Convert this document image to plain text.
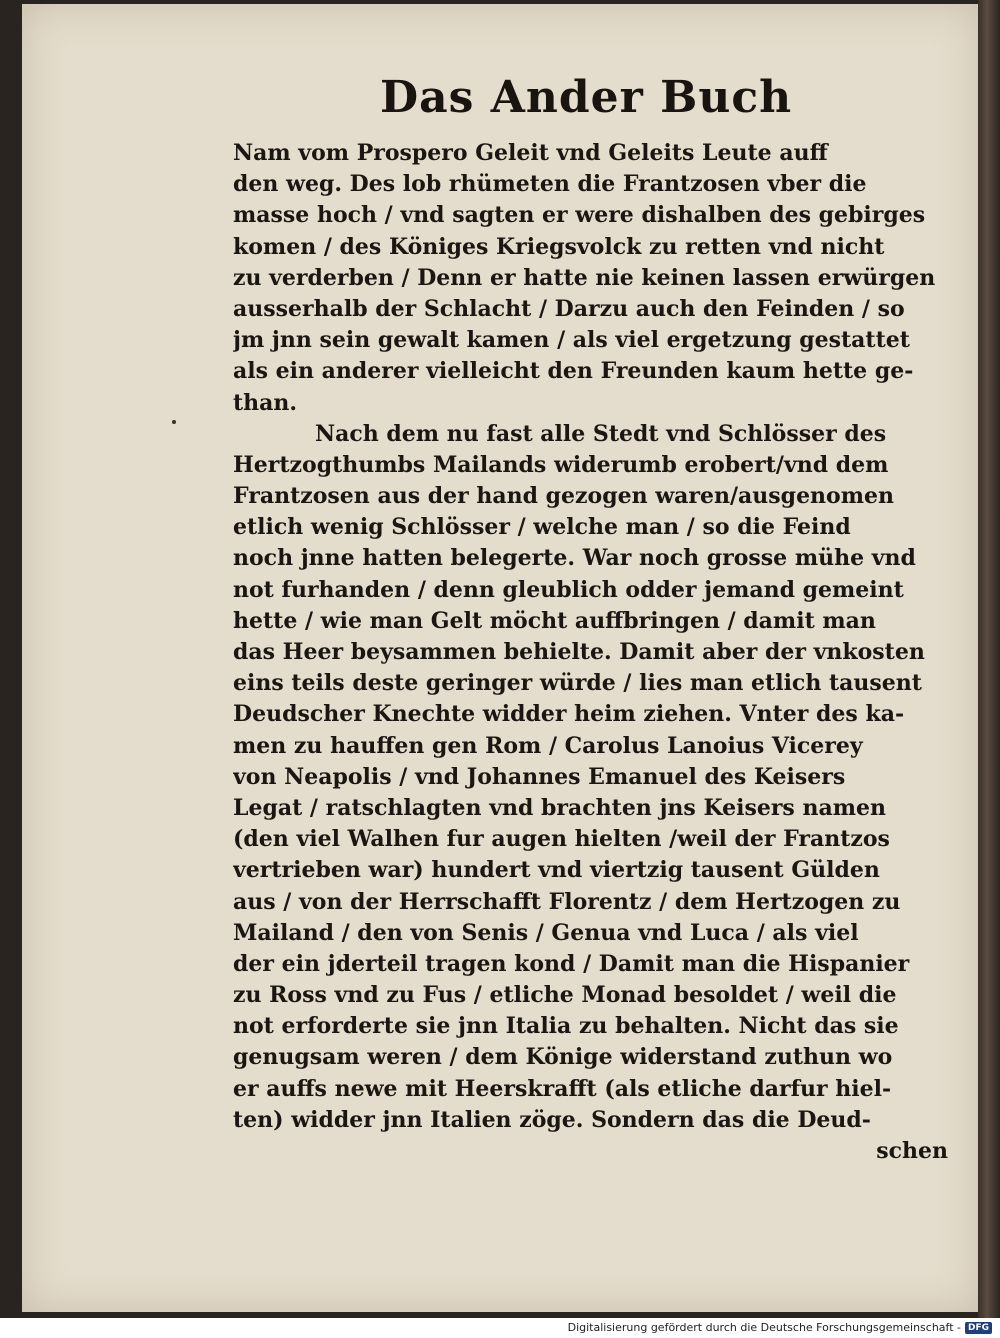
Das Ander Buch
Nam vom Prospero Geleit vnd Geleits Leute auff
den weg. Des lob rhümeten die Frantzosen vber die
masse hoch / vnd sagten er were dishalben des gebirges
komen / des Königes Kriegsvolck zu retten vnd nicht
zu verderben / Denn er hatte nie keinen lassen erwürgen
ausserhalb der Schlacht / Darzu auch den Feinden / so
jm jnn sein gewalt kamen / als viel ergetzung gestattet
als ein anderer vielleicht den Freunden kaum hette ge-
than.
Nach dem nu fast alle Stedt vnd Schlösser des
Hertzogthumbs Mailands widerumb erobert/vnd dem
Frantzosen aus der hand gezogen waren/ausgenomen
etlich wenig Schlösser / welche man / so die Feind
noch jnne hatten belegerte. War noch grosse mühe vnd
not furhanden / denn gleublich odder jemand gemeint
hette / wie man Gelt möcht auffbringen / damit man
das Heer beysammen behielte. Damit aber der vnkosten
eins teils deste geringer würde / lies man etlich tausent
Deudscher Knechte widder heim ziehen. Vnter des ka-
men zu hauffen gen Rom / Carolus Lanoius Vicerey
von Neapolis / vnd Johannes Emanuel des Keisers
Legat / ratschlagten vnd brachten jns Keisers namen
(den viel Walhen fur augen hielten /weil der Frantzos
vertrieben war) hundert vnd viertzig tausent Gülden
aus / von der Herrschafft Florentz / dem Hertzogen zu
Mailand / den von Senis / Genua vnd Luca / als viel
der ein jderteil tragen kond / Damit man die Hispanier
zu Ross vnd zu Fus / etliche Monad besoldet / weil die
not erforderte sie jnn Italia zu behalten. Nicht das sie
genugsam weren / dem Könige widerstand zuthun wo
er auffs newe mit Heerskrafft (als etliche darfur hiel-
ten) widder jnn Italien zöge. Sondern das die Deud-
schen
Digitalisierung gefördert durch die Deutsche Forschungsgemeinschaft - DFG
